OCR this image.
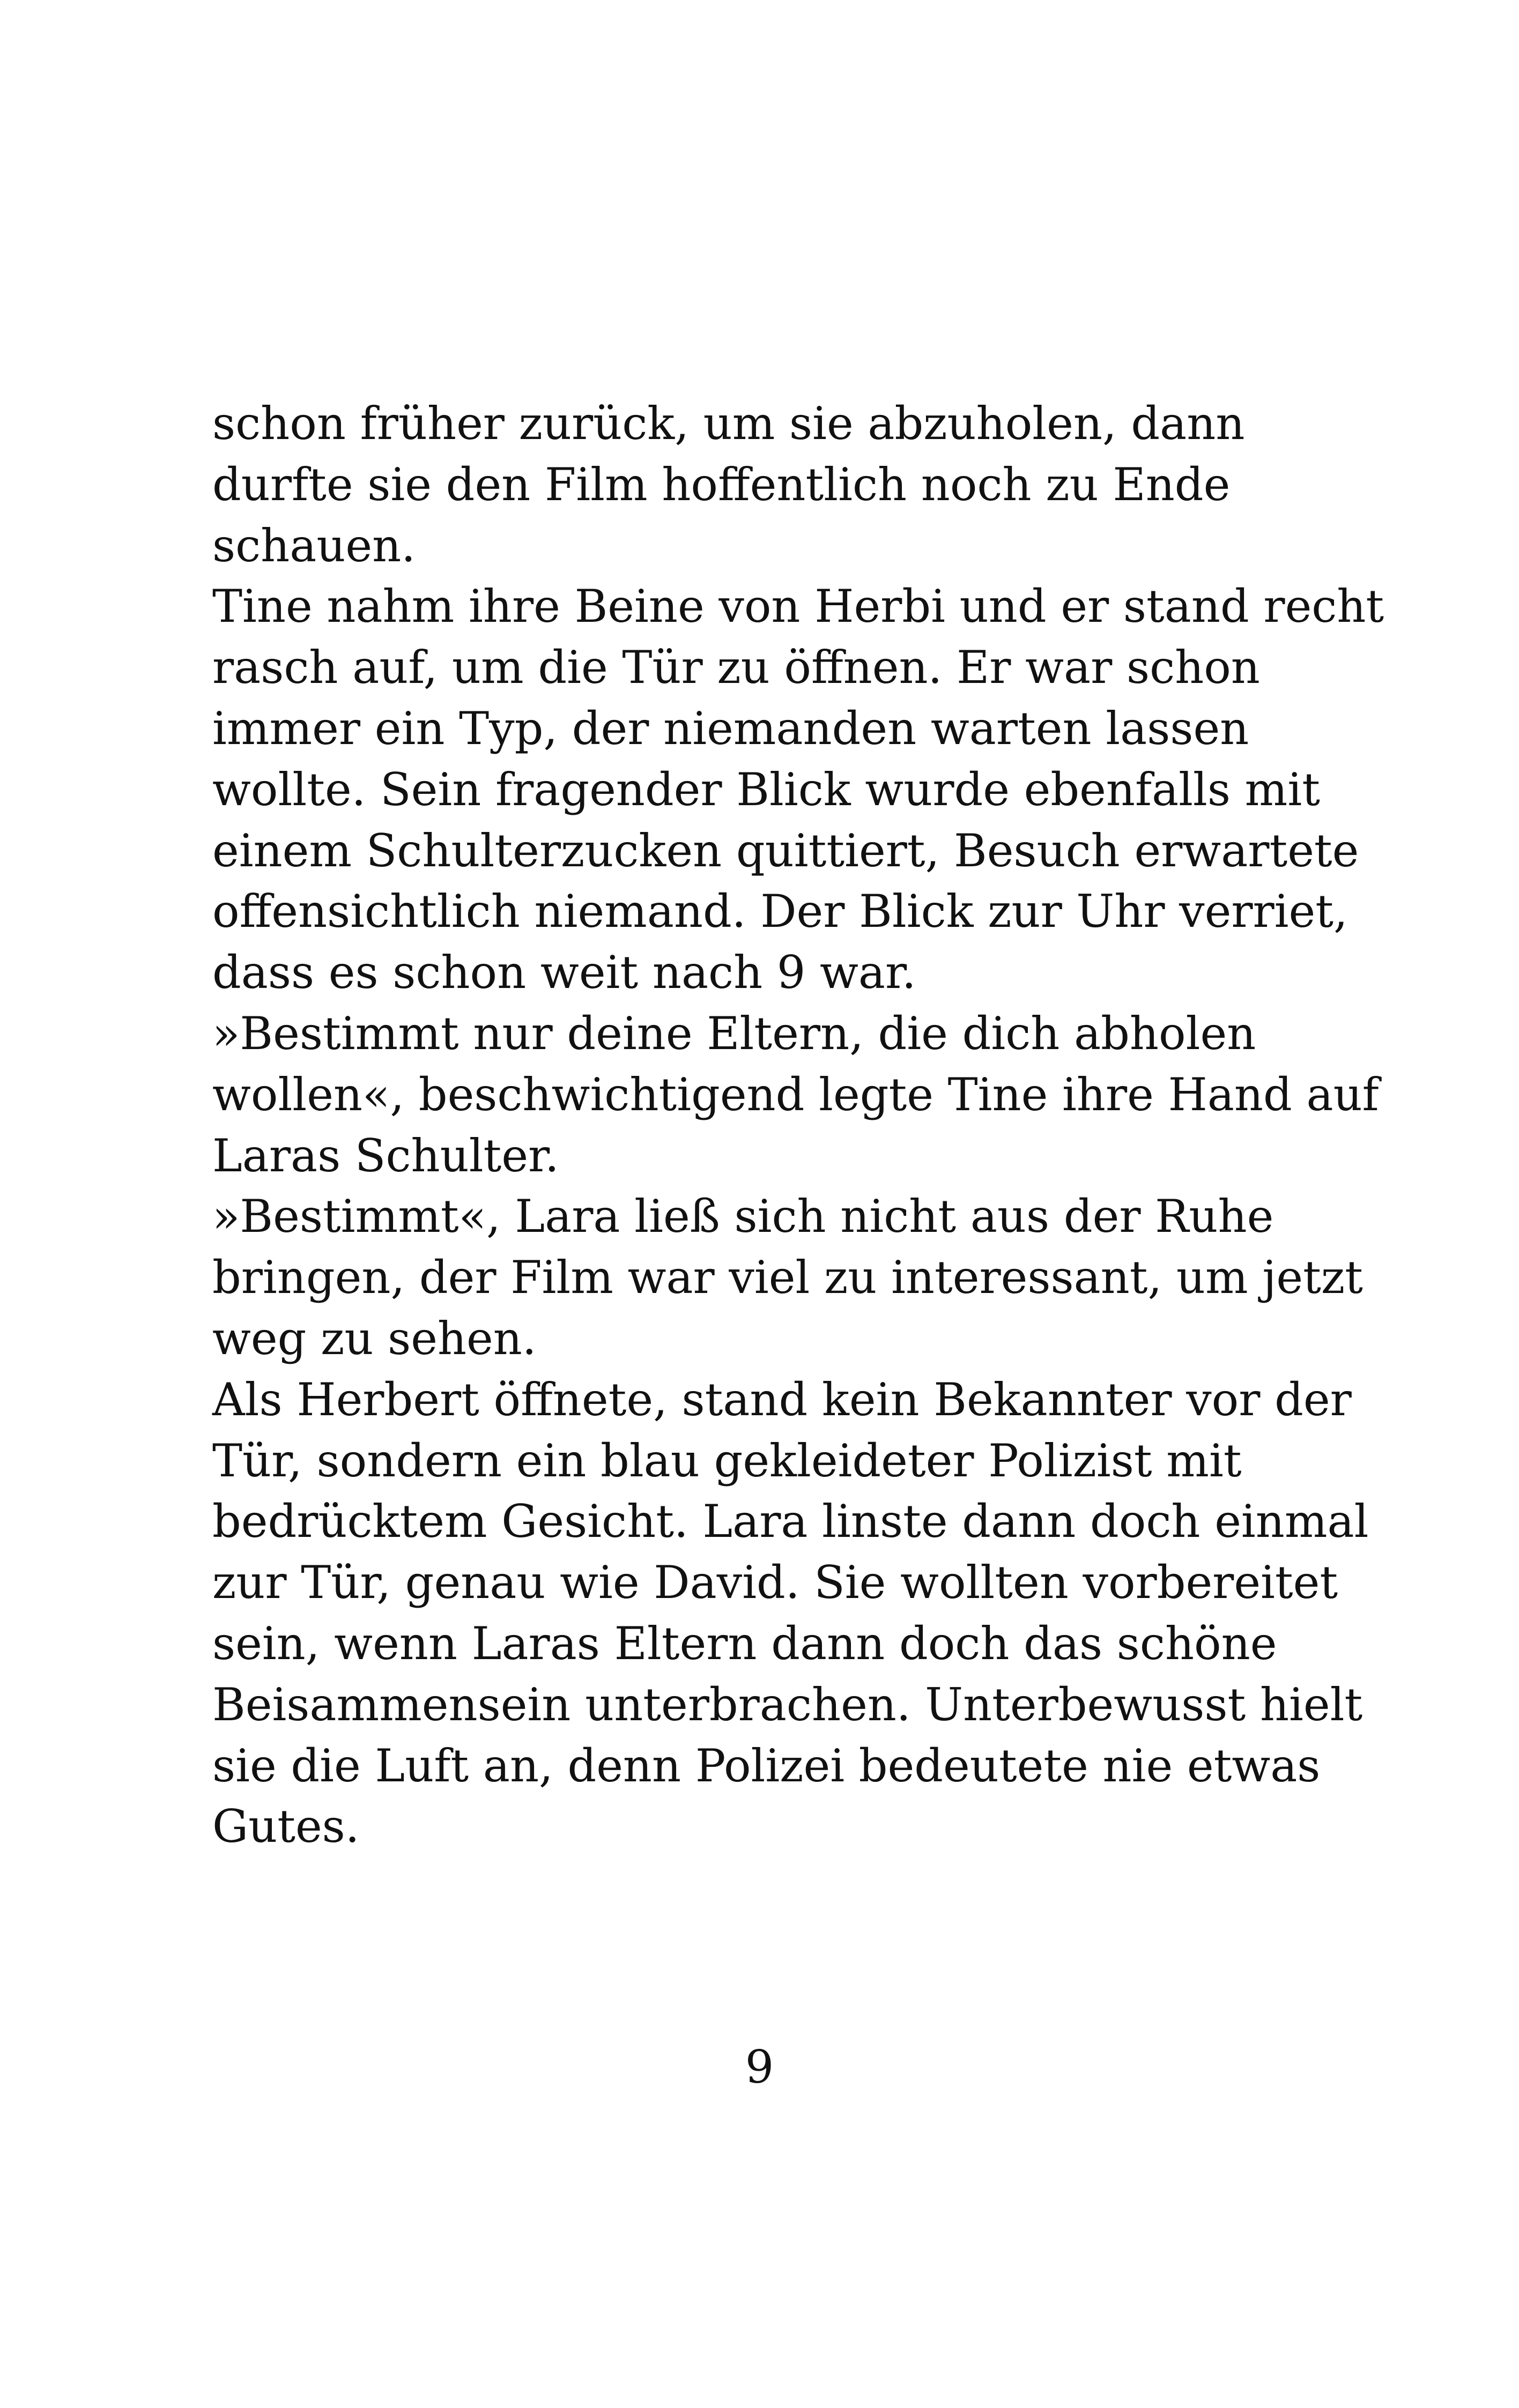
schon früher zurück, um sie abzuholen, dann
durfte sie den Film hoffentlich noch zu Ende
schauen.
Tine nahm ihre Beine von Herbi und er stand recht
rasch auf, um die Tür zu öffnen. Er war schon
immer ein Typ, der niemanden warten lassen
wollte. Sein fragender Blick wurde ebenfalls mit
einem Schulterzucken quittiert, Besuch erwartete
offensichtlich niemand. Der Blick zur Uhr verriet,
dass es schon weit nach 9 war.
»Bestimmt nur deine Eltern, die dich abholen
wollen«, beschwichtigend legte Tine ihre Hand auf
Laras Schulter.
»Bestimmt«, Lara ließ sich nicht aus der Ruhe
bringen, der Film war viel zu interessant, um jetzt
weg zu sehen.
Als Herbert öffnete, stand kein Bekannter vor der
Tür, sondern ein blau gekleideter Polizist mit
bedrücktem Gesicht. Lara linste dann doch einmal
zur Tür, genau wie David. Sie wollten vorbereitet
sein, wenn Laras Eltern dann doch das schöne
Beisammensein unterbrachen. Unterbewusst hielt
sie die Luft an, denn Polizei bedeutete nie etwas
Gutes.
9
